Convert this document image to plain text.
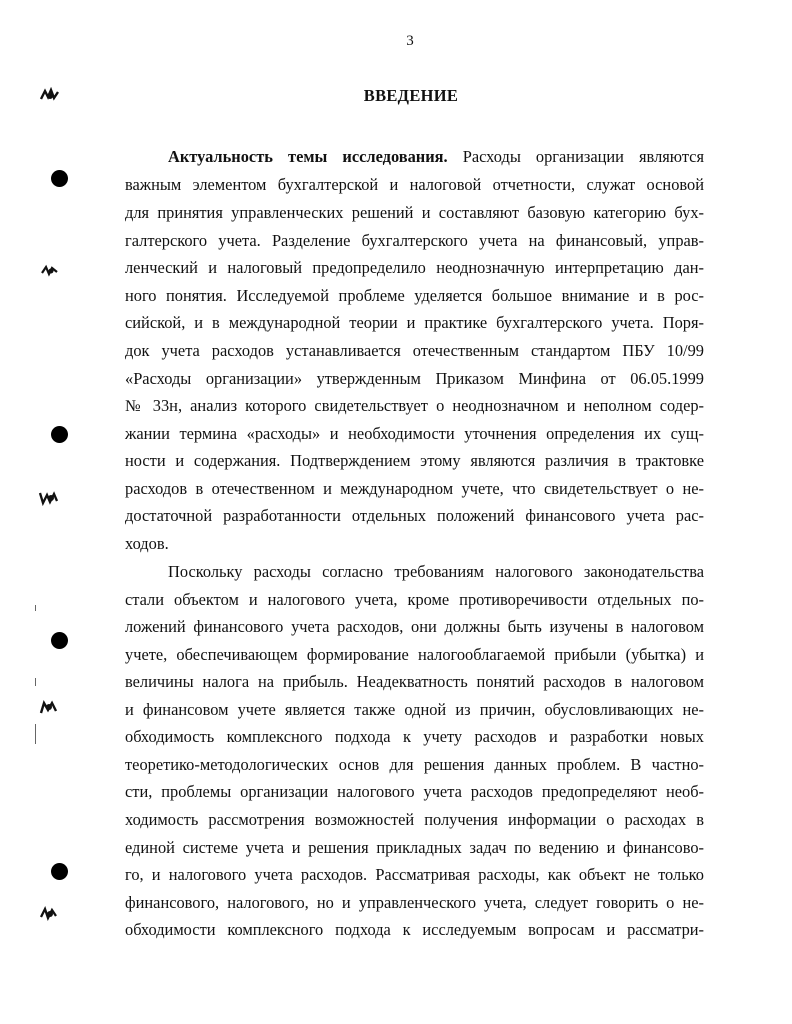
3
ВВЕДЕНИЕ
Актуальность темы исследования. Расходы организации являются
важным элементом бухгалтерской и налоговой отчетности, служат основой
для принятия управленческих решений и составляют базовую категорию бух-
галтерского учета. Разделение бухгалтерского учета на финансовый, управ-
ленческий и налоговый предопределило неоднозначную интерпретацию дан-
ного понятия. Исследуемой проблеме уделяется большое внимание и в рос-
сийской, и в международной теории и практике бухгалтерского учета. Поря-
док учета расходов устанавливается отечественным стандартом ПБУ 10/99
«Расходы организации» утвержденным Приказом Минфина от 06.05.1999
№ 33н, анализ которого свидетельствует о неоднозначном и неполном содер-
жании термина «расходы» и необходимости уточнения определения их сущ-
ности и содержания. Подтверждением этому являются различия в трактовке
расходов в отечественном и международном учете, что свидетельствует о не-
достаточной разработанности отдельных положений финансового учета рас-
ходов.
Поскольку расходы согласно требованиям налогового законодательства
стали объектом и налогового учета, кроме противоречивости отдельных по-
ложений финансового учета расходов, они должны быть изучены в налоговом
учете, обеспечивающем формирование налогооблагаемой прибыли (убытка) и
величины налога на прибыль. Неадекватность понятий расходов в налоговом
и финансовом учете является также одной из причин, обусловливающих не-
обходимость комплексного подхода к учету расходов и разработки новых
теоретико-методологических основ для решения данных проблем. В частно-
сти, проблемы организации налогового учета расходов предопределяют необ-
ходимость рассмотрения возможностей получения информации о расходах в
единой системе учета и решения прикладных задач по ведению и финансово-
го, и налогового учета расходов. Рассматривая расходы, как объект не только
финансового, налогового, но и управленческого учета, следует говорить о не-
обходимости комплексного подхода к исследуемым вопросам и рассматри-
